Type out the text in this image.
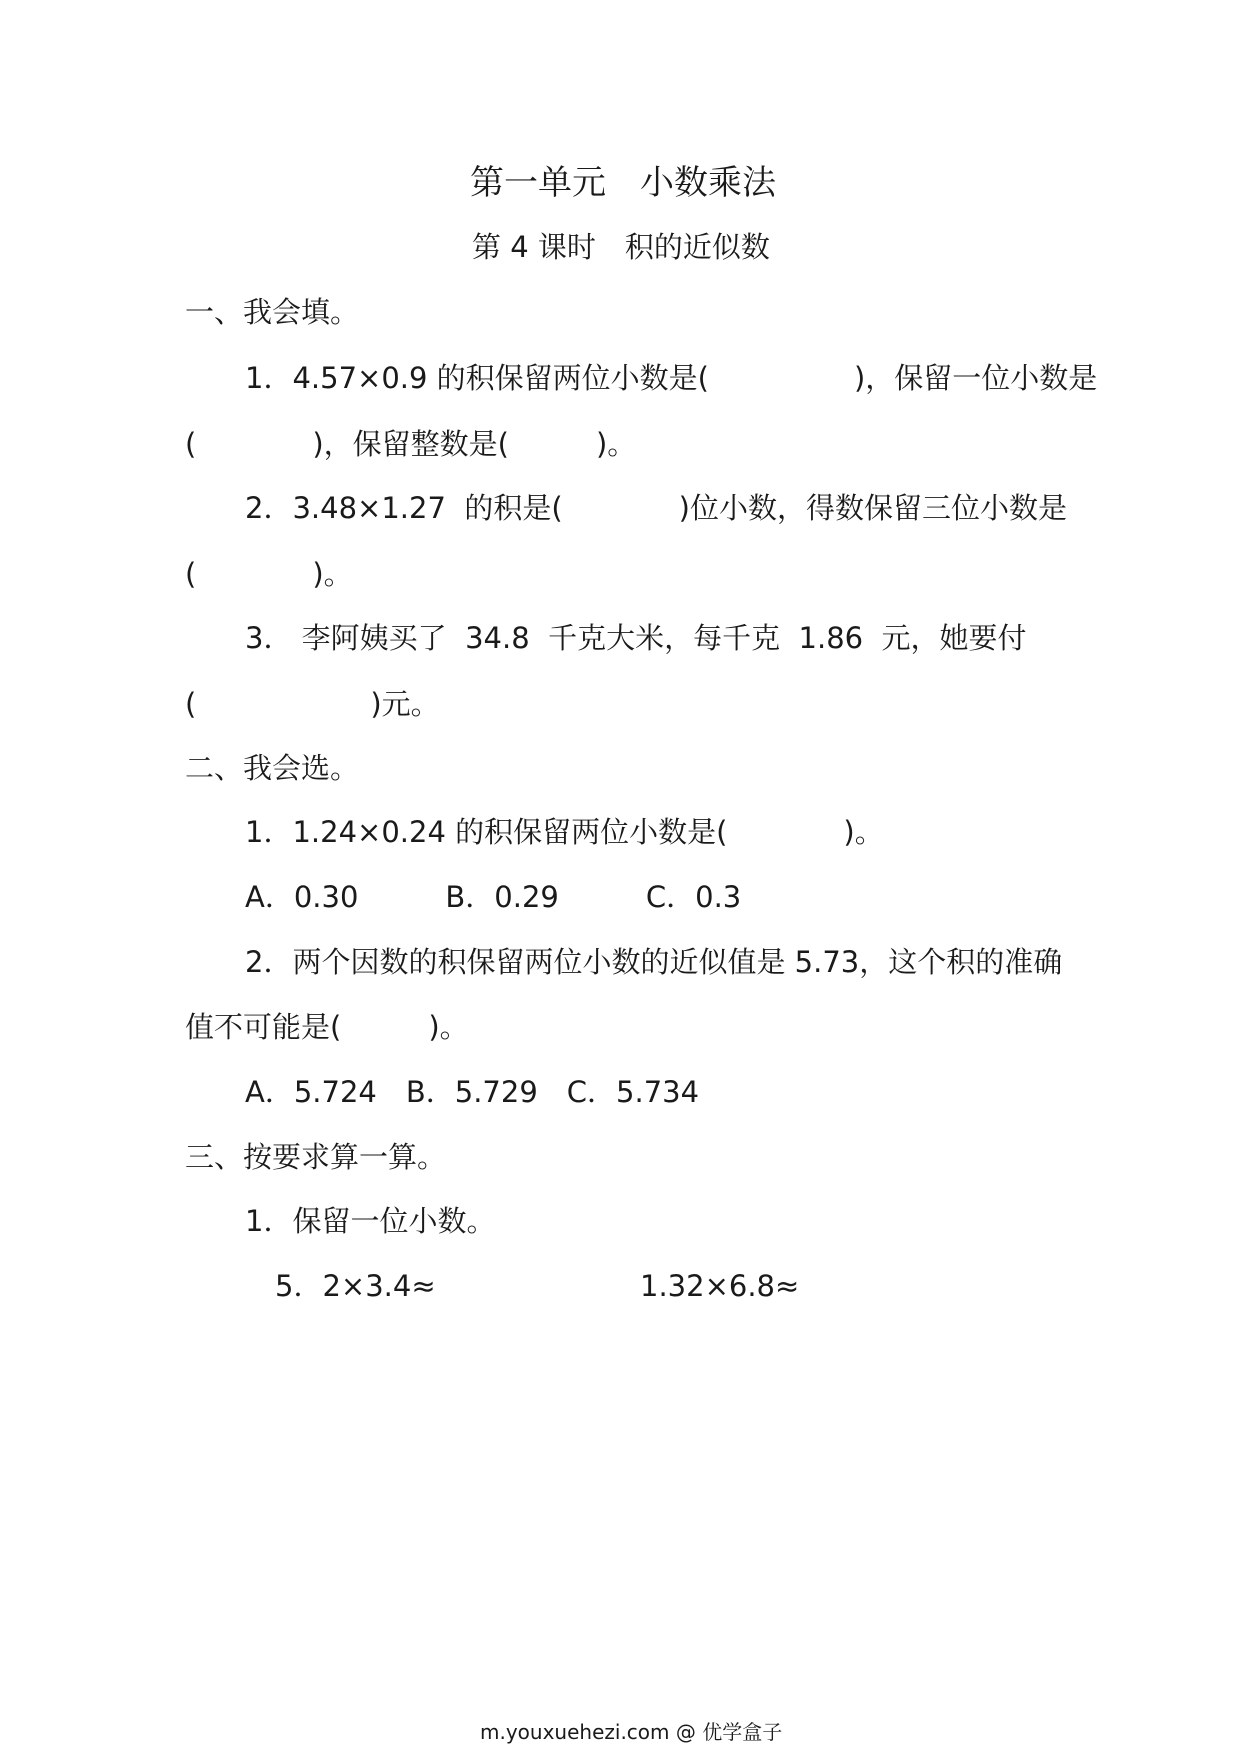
第一单元　小数乘法
第 4 课时　积的近似数
一、我会填。
1．4.57×0.9 的积保留两位小数是(　　　　　)，保留一位小数是
(　　　　)，保留整数是(　　　)。
2．3.48×1.27  的积是(　　　　)位小数，得数保留三位小数是
(　　　　)。
3． 李阿姨买了  34.8  千克大米，每千克  1.86  元，她要付
(　　　　　　)元。
二、我会选。
1．1.24×0.24 的积保留两位小数是(　　　　)。
A．0.30　　　B．0.29　　　C．0.3
2．两个因数的积保留两位小数的近似值是 5.73，这个积的准确
值不可能是(　　　)。
A．5.724　B．5.729　C．5.734
三、按要求算一算。
1．保留一位小数。
5．2×3.4≈	1.32×6.8≈
m.youxuehezi.com @ 优学盒子
